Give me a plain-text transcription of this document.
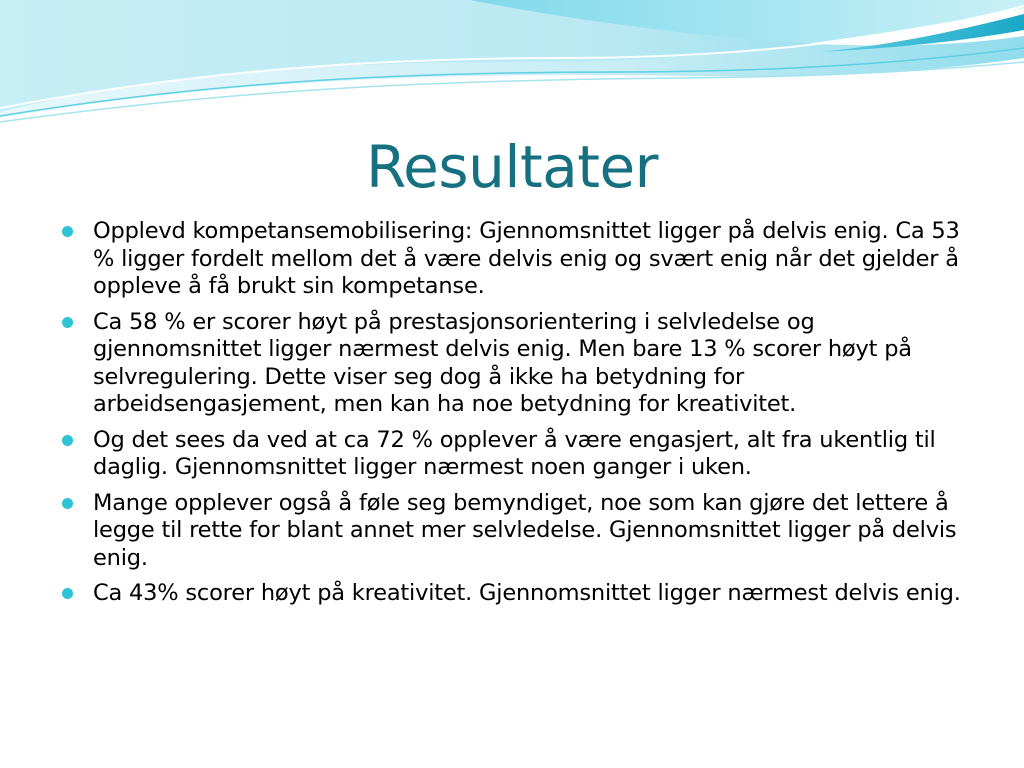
Resultater
Opplevd kompetansemobilisering: Gjennomsnittet ligger på delvis enig. Ca 53 % ligger fordelt mellom det å være delvis enig og svært enig når det gjelder å oppleve å få brukt sin kompetanse.
Ca 58 % er scorer høyt på prestasjonsorientering i selvledelse og gjennomsnittet ligger nærmest delvis enig. Men bare 13 % scorer høyt på selvregulering. Dette viser seg dog å ikke ha betydning for arbeidsengasjement, men kan ha noe betydning for kreativitet.
Og det sees da ved at ca 72 % opplever å være engasjert, alt fra ukentlig til daglig. Gjennomsnittet ligger nærmest noen ganger i uken.
Mange opplever også å føle seg bemyndiget, noe som kan gjøre det lettere å legge til rette for blant annet mer selvledelse. Gjennomsnittet ligger på delvis enig.
Ca 43% scorer høyt på kreativitet. Gjennomsnittet ligger nærmest delvis enig.
